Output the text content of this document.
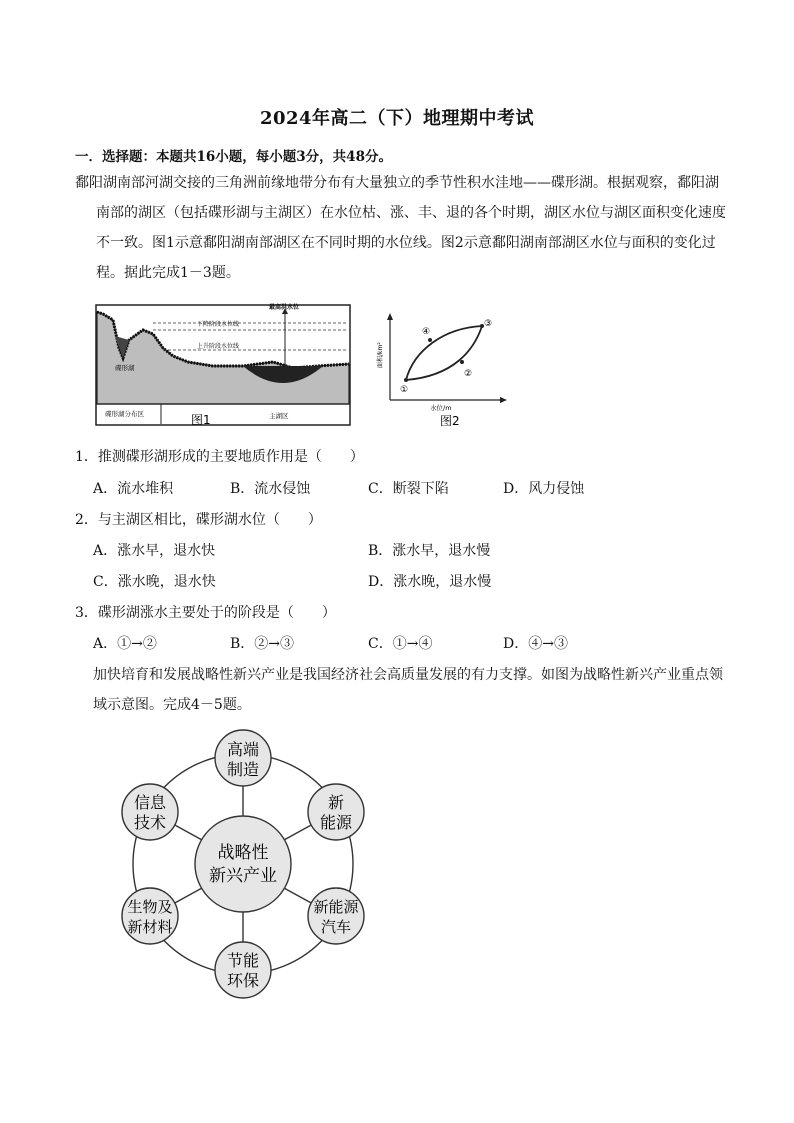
2024年高二（下）地理期中考试
一．选择题：本题共16小题，每小题3分，共48分。
鄱阳湖南部河湖交接的三角洲前缘地带分布有大量独立的季节性积水洼地——碟形湖。根据观察，鄱阳湖
南部的湖区（包括碟形湖与主湖区）在水位枯、涨、丰、退的各个时期，湖区水位与湖区面积变化速度
不一致。图1示意鄱阳湖南部湖区在不同时期的水位线。图2示意鄱阳湖南部湖区水位与面积的变化过
程。据此完成1－3题。
最高洪水位
下降阶段水位线
上升阶段水位线
碟形湖
碟形湖分布区	主湖区
图1
面积/km²
水位/m
①
②
③
④
图2
1．推测碟形湖形成的主要地质作用是（　　）
A．流水堆积	B．流水侵蚀	C．断裂下陷	D．风力侵蚀
2．与主湖区相比，碟形湖水位（　　）
A．涨水早，退水快	B．涨水早，退水慢
C．涨水晚，退水快	D．涨水晚，退水慢
3．碟形湖涨水主要处于的阶段是（　　）
A．①→②	B．②→③	C．①→④	D．④→③
加快培育和发展战略性新兴产业是我国经济社会高质量发展的有力支撑。如图为战略性新兴产业重点领
域示意图。完成4－5题。
战略性
新兴产业
高端
制造
新
能源
新能源
汽车
节能
环保
生物及
新材料
信息
技术
